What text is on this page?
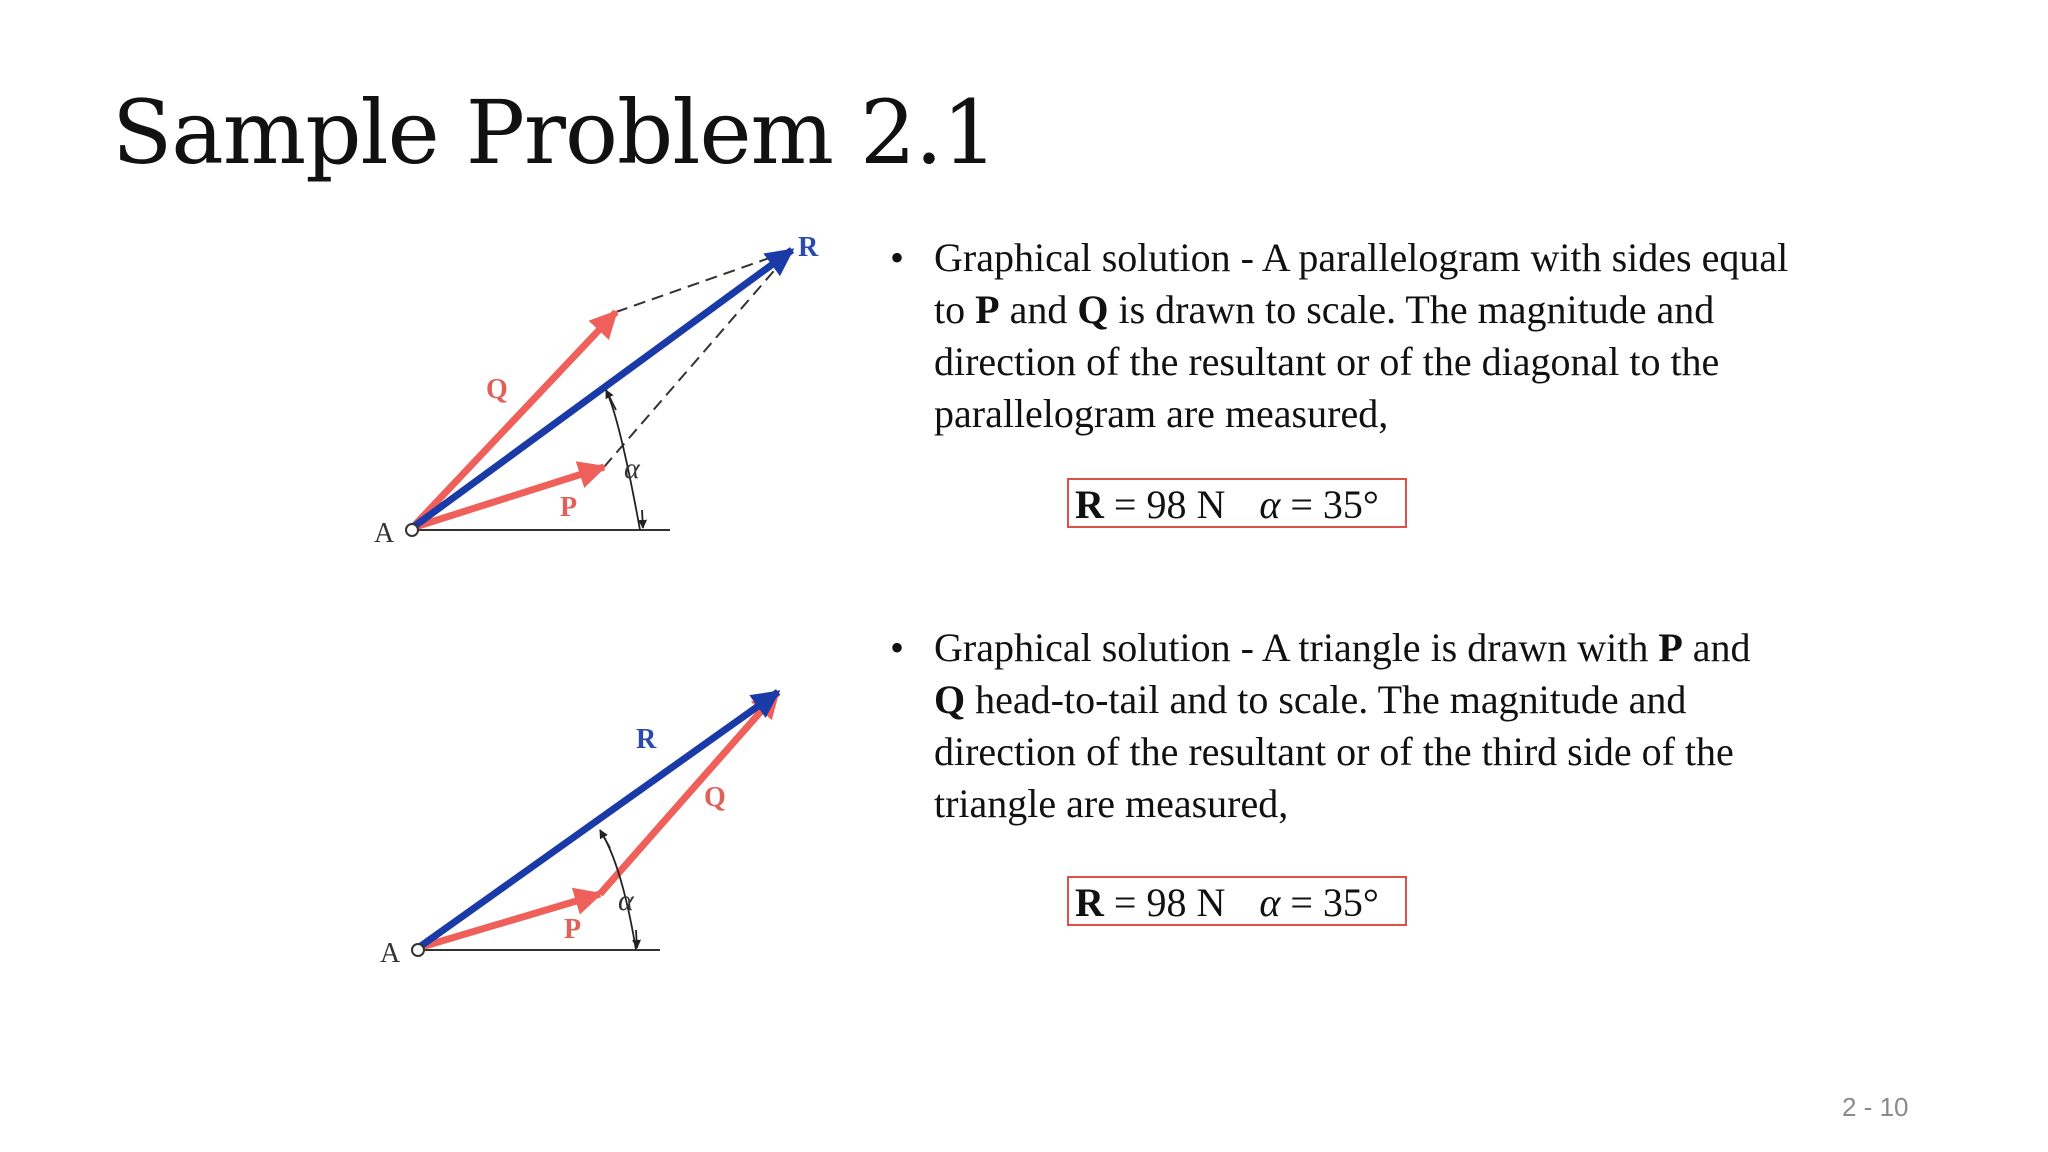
Sample Problem 2.1
A
P
Q
R
α
A
P
Q
R
α
• Graphical solution - A parallelogram with sides equal to P and Q is drawn to scale. The magnitude and direction of the resultant or of the diagonal to the parallelogram are measured,
R = 98 N α = 35°
• Graphical solution - A triangle is drawn with P and Q head-to-tail and to scale. The magnitude and direction of the resultant or of the third side of the triangle are measured,
R = 98 N α = 35°
2 - 10
